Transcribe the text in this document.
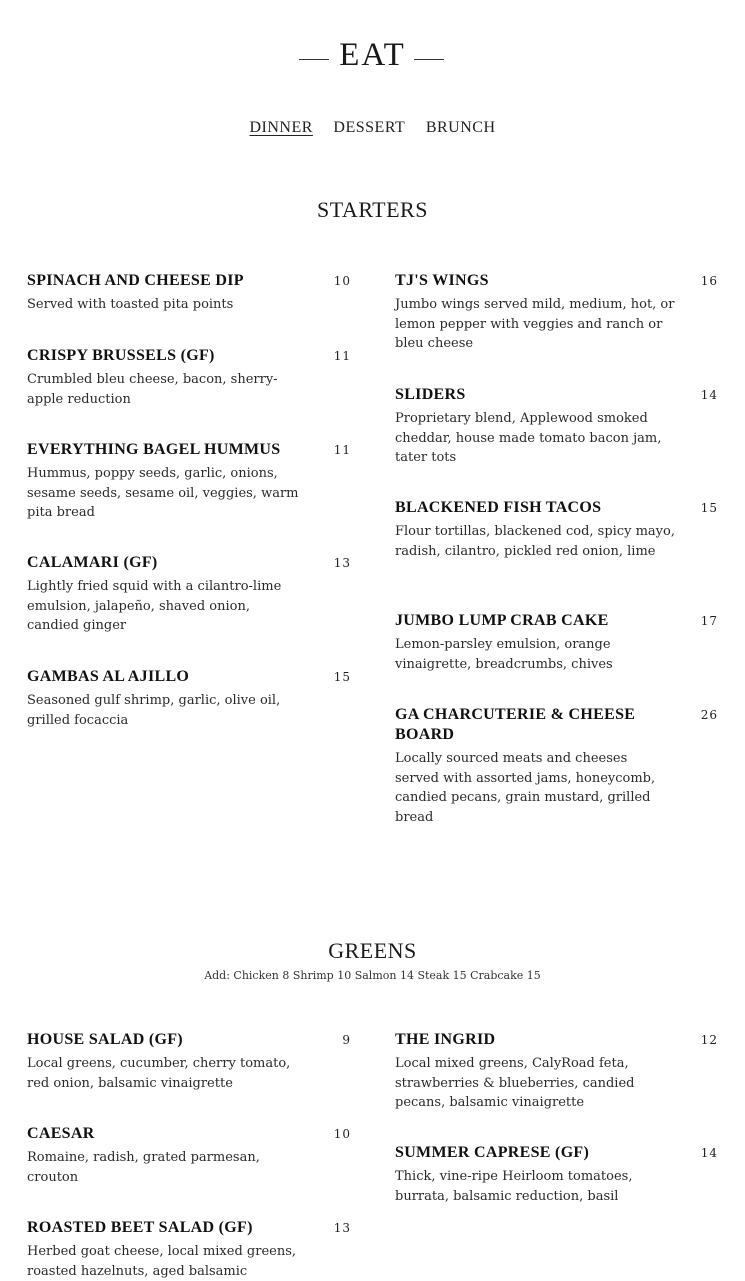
EAT
DINNER DESSERT BRUNCH
STARTERS
SPINACH AND CHEESE DIP	10
Served with toasted pita points
CRISPY BRUSSELS (GF)	11
Crumbled bleu cheese, bacon, sherry-apple reduction
EVERYTHING BAGEL HUMMUS	11
Hummus, poppy seeds, garlic, onions, sesame seeds, sesame oil, veggies, warm pita bread
CALAMARI (GF)	13
Lightly fried squid with a cilantro-lime emulsion, jalapeño, shaved onion, candied ginger
GAMBAS AL AJILLO	15
Seasoned gulf shrimp, garlic, olive oil, grilled focaccia
TJ'S WINGS	16
Jumbo wings served mild, medium, hot, or lemon pepper with veggies and ranch or bleu cheese
SLIDERS	14
Proprietary blend, Applewood smoked cheddar, house made tomato bacon jam, tater tots
BLACKENED FISH TACOS	15
Flour tortillas, blackened cod, spicy mayo, radish, cilantro, pickled red onion, lime
JUMBO LUMP CRAB CAKE	17
Lemon-parsley emulsion, orange vinaigrette, breadcrumbs, chives
GA CHARCUTERIE & CHEESE BOARD
26
Locally sourced meats and cheeses served with assorted jams, honeycomb, candied pecans, grain mustard, grilled bread
GREENS
Add: Chicken 8 Shrimp 10 Salmon 14 Steak 15 Crabcake 15
HOUSE SALAD (GF)	9
Local greens, cucumber, cherry tomato, red onion, balsamic vinaigrette
CAESAR	10
Romaine, radish, grated parmesan, crouton
ROASTED BEET SALAD (GF)	13
Herbed goat cheese, local mixed greens, roasted hazelnuts, aged balsamic
THE INGRID	12
Local mixed greens, CalyRoad feta, strawberries & blueberries, candied pecans, balsamic vinaigrette
SUMMER CAPRESE (GF)	14
Thick, vine-ripe Heirloom tomatoes, burrata, balsamic reduction, basil
